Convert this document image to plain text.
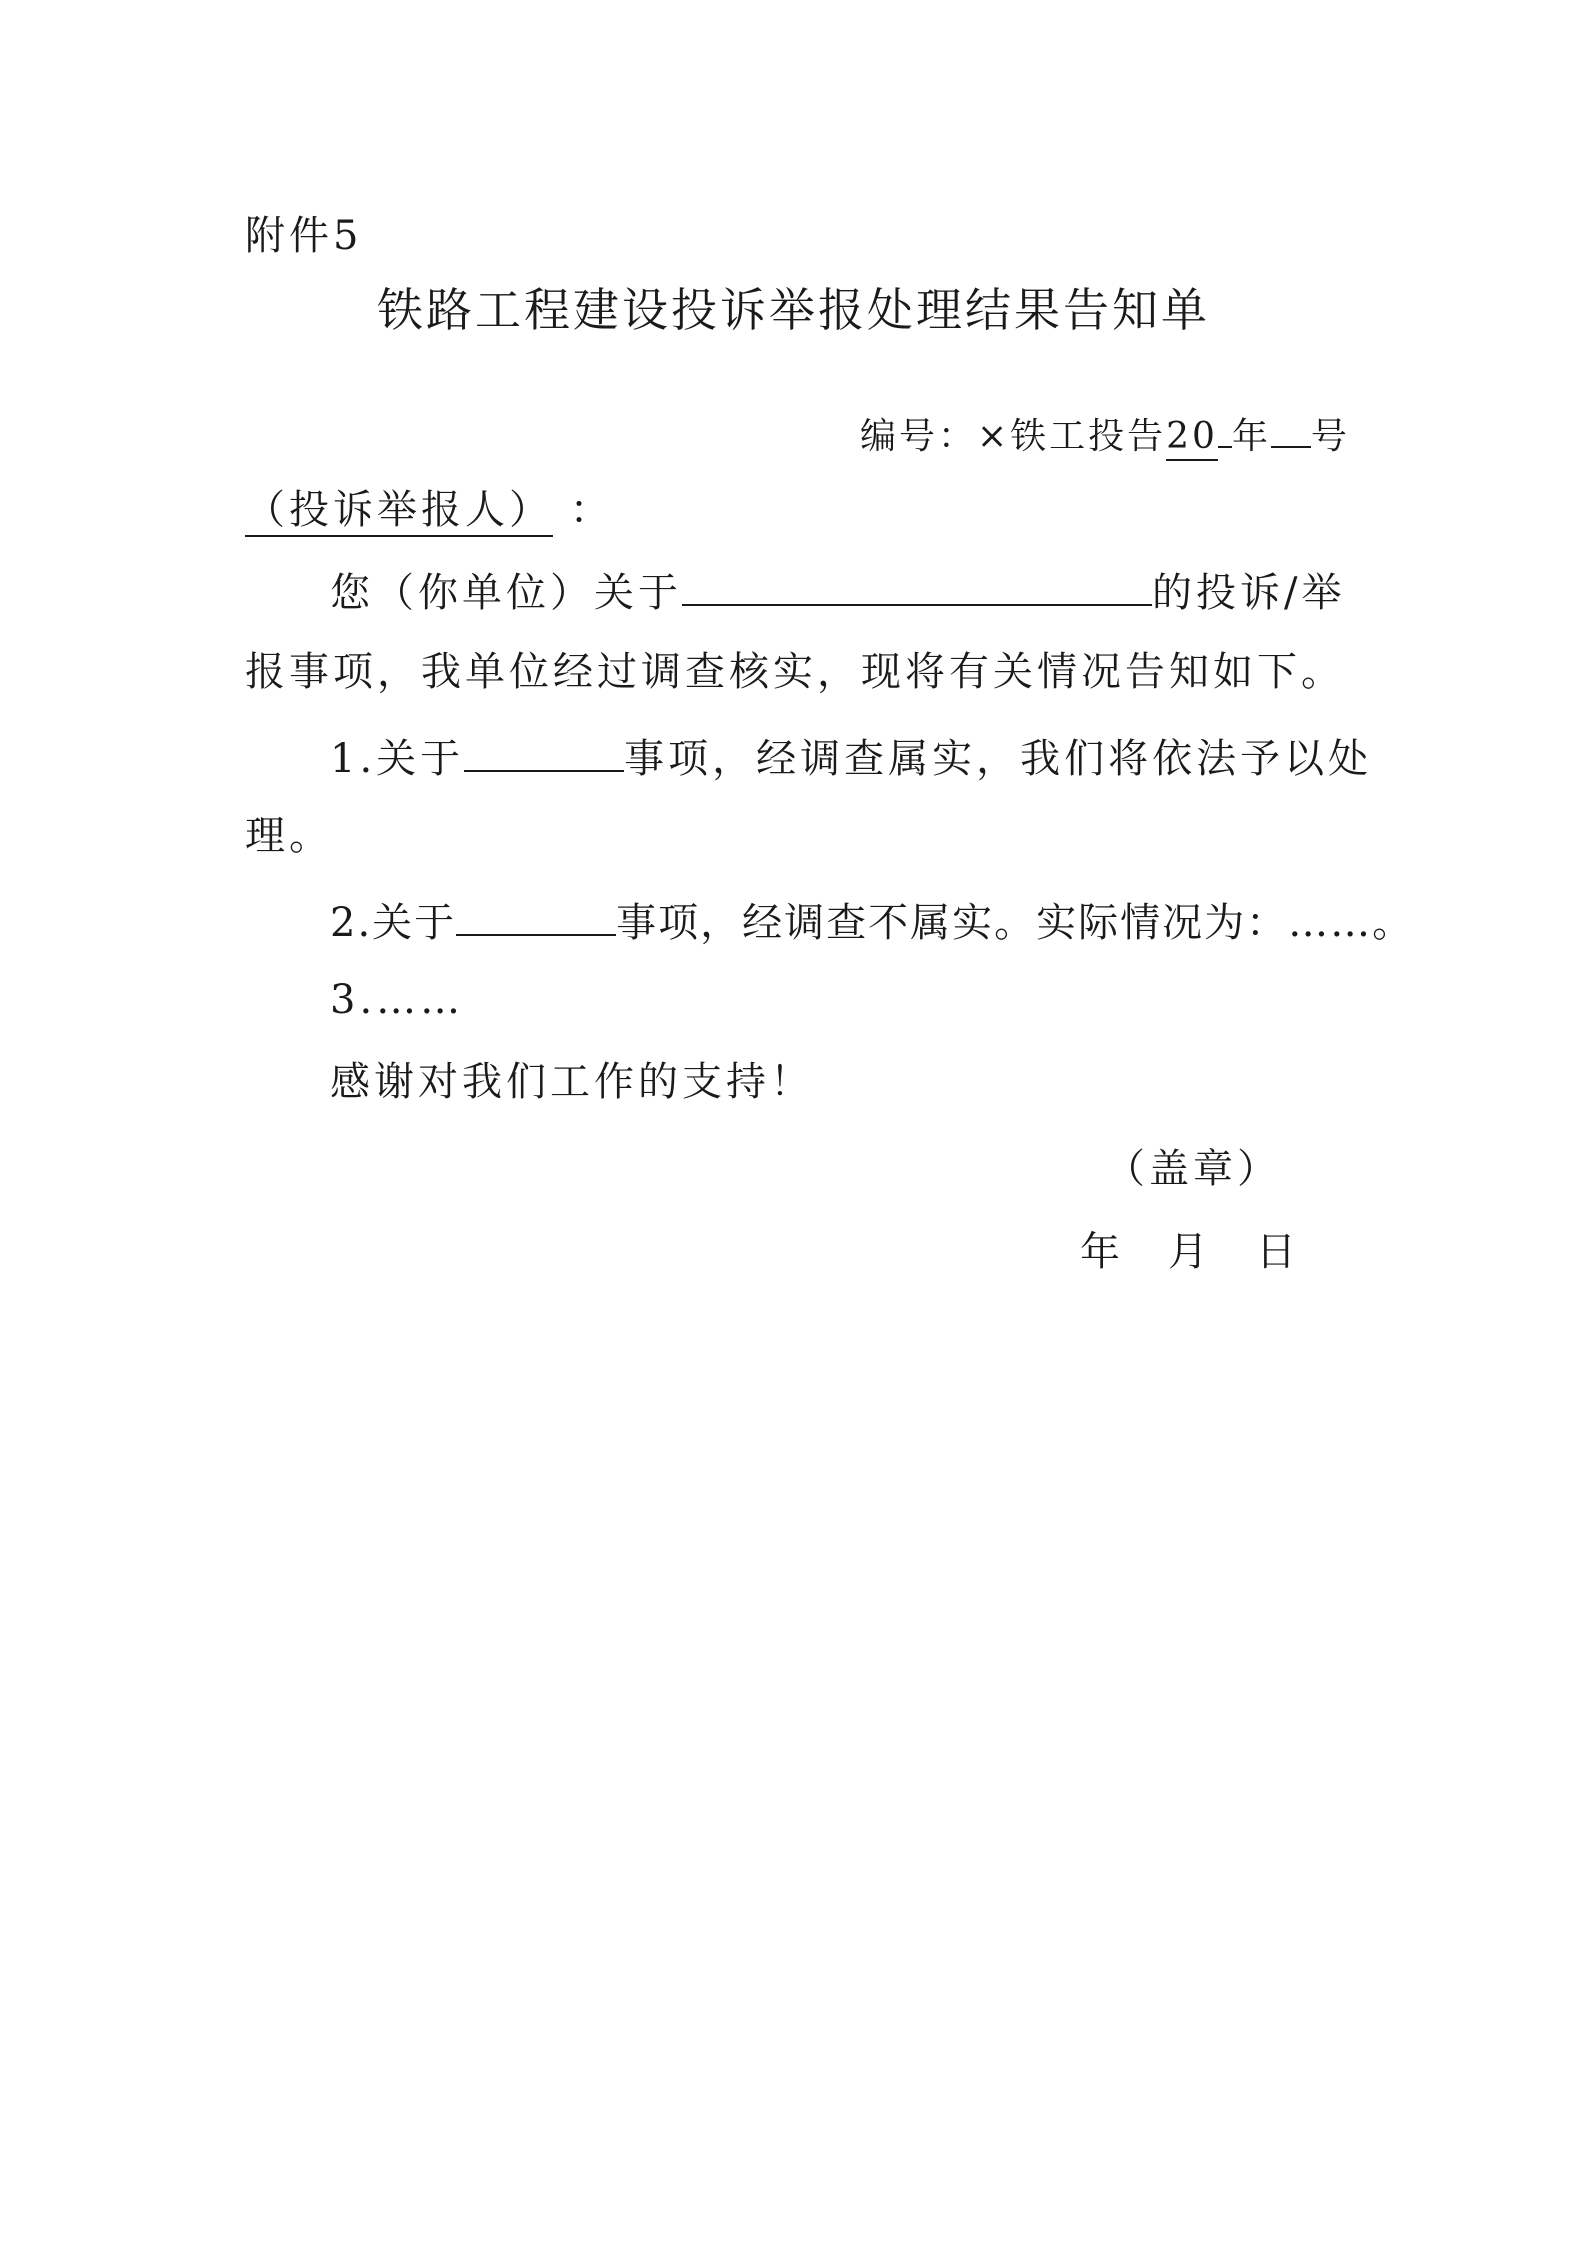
附件5
铁路工程建设投诉举报处理结果告知单
编号：×铁工投告20 年 号
（投诉举报人） ：
您（你单位）关于	的投诉/举
报事项，我单位经过调查核实，现将有关情况告知如下。
1.关于	事项，经调查属实，我们将依法予以处
理。
2.关于	事项，经调查不属实。实际情况为：……。
3.……
感谢对我们工作的支持！
（盖章）
年 月 日
